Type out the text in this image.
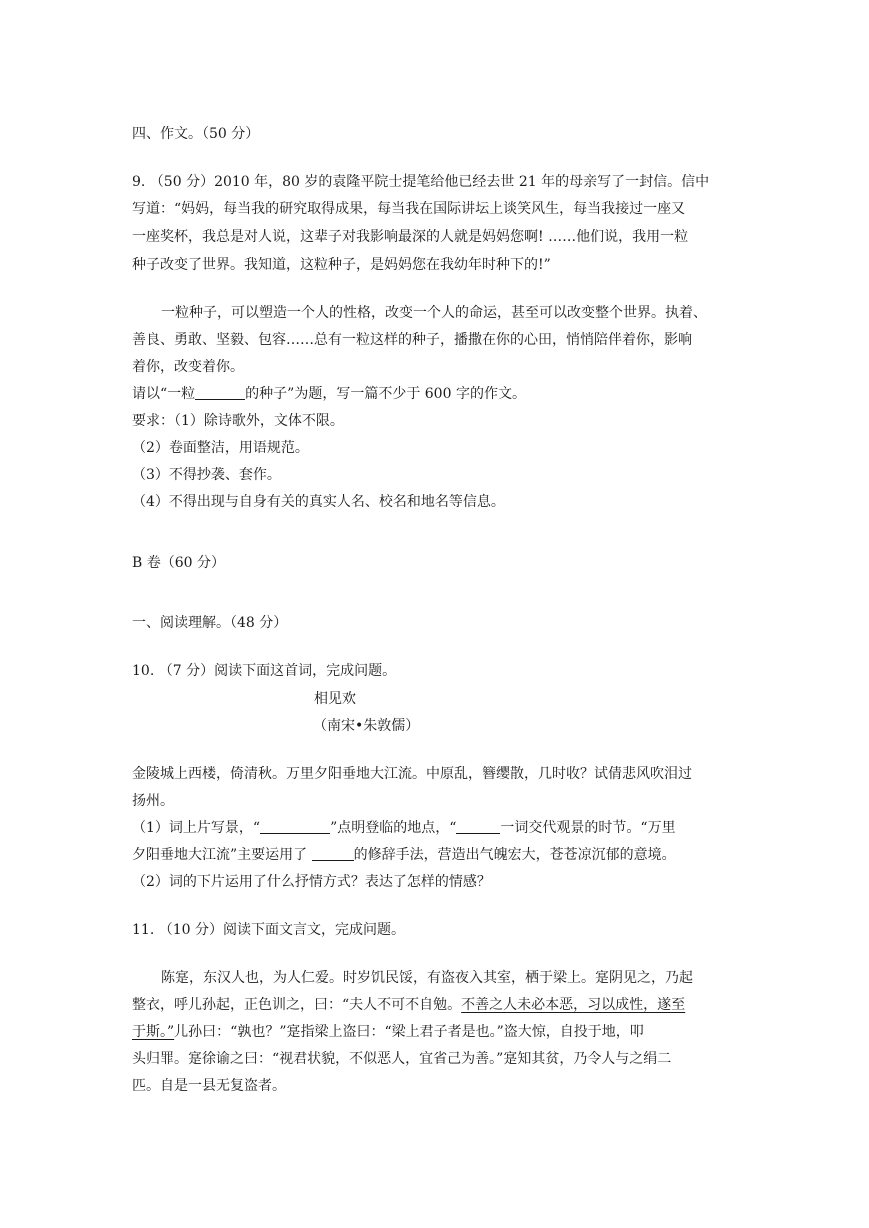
四、作文。（50 分）
9. （50 分）2010 年，80 岁的袁隆平院士提笔给他已经去世 21 年的母亲写了一封信。信中
写道：“妈妈，每当我的研究取得成果，每当我在国际讲坛上谈笑风生，每当我接过一座又
一座奖杯，我总是对人说，这辈子对我影响最深的人就是妈妈您啊! ……他们说，我用一粒
种子改变了世界。我知道，这粒种子，是妈妈您在我幼年时种下的!”
一粒种子，可以塑造一个人的性格，改变一个人的命运，甚至可以改变整个世界。执着、
善良、勇敢、坚毅、包容……总有一粒这样的种子，播撒在你的心田，悄悄陪伴着你，影响
着你，改变着你。
请以“一粒	的种子”为题，写一篇不少于 600 字的作文。
要求：（1）除诗歌外，文体不限。
（2）卷面整洁，用语规范。
（3）不得抄袭、套作。
（4）不得出现与自身有关的真实人名、校名和地名等信息。
B 卷（60 分）
一、阅读理解。（48 分）
10. （7 分）阅读下面这首词，完成问题。
相见欢
（南宋•朱敦儒）
金陵城上西楼，倚清秋。万里夕阳垂地大江流。中原乱，簪缨散，几时收？试倩悲风吹泪过
扬州。
（1）词上片写景，“	”点明登临的地点，“	一词交代观景的时节。“万里
夕阳垂地大江流”主要运用了	的修辞手法，营造出气魄宏大，苍苍凉沉郁的意境。
（2）词的下片运用了什么抒情方式？表达了怎样的情感？
11. （10 分）阅读下面文言文，完成问题。
陈寔，东汉人也，为人仁爱。时岁饥民馁，有盗夜入其室，栖于梁上。寔阴见之，乃起
整衣，呼儿孙起，正色训之，曰：“夫人不可不自勉。不善之人未必本恶，习以成性，遂至
于斯。”儿孙曰：“孰也？”寔指梁上盗曰：“梁上君子者是也。”盗大惊，自投于地，叩
头归罪。寔徐谕之曰：“视君状貌，不似恶人，宜省己为善。”寔知其贫，乃令人与之绢二
匹。自是一县无复盗者。
